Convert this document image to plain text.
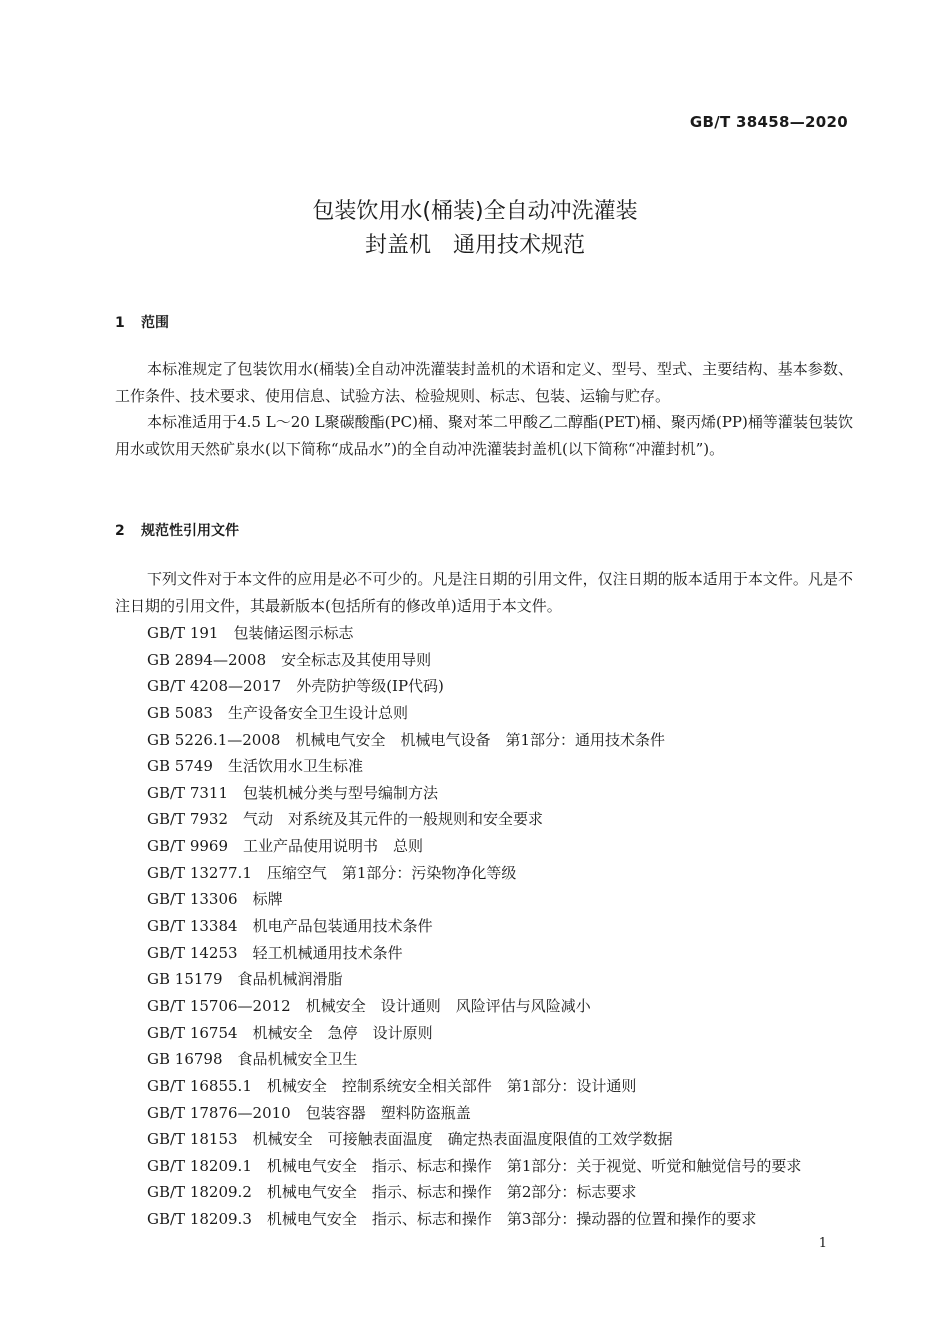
GB/T 38458—2020
包装饮用水(桶装)全自动冲洗灌装
封盖机　通用技术规范
1 范围

本标准规定了包装饮用水(桶装)全自动冲洗灌装封盖机的术语和定义、型号、型式、主要结构、基本参数、工作条件、技术要求、使用信息、试验方法、检验规则、标志、包装、运输与贮存。

本标准适用于4.5 L～20 L聚碳酸酯(PC)桶、聚对苯二甲酸乙二醇酯(PET)桶、聚丙烯(PP)桶等灌装包装饮用水或饮用天然矿泉水(以下简称“成品水”)的全自动冲洗灌装封盖机(以下简称“冲灌封机”)。

2 规范性引用文件

下列文件对于本文件的应用是必不可少的。凡是注日期的引用文件，仅注日期的版本适用于本文件。凡是不注日期的引用文件，其最新版本(包括所有的修改单)适用于本文件。

GB/T 191 包装储运图示标志
GB 2894—2008 安全标志及其使用导则
GB/T 4208—2017 外壳防护等级(IP代码)
GB 5083 生产设备安全卫生设计总则
GB 5226.1—2008 机械电气安全　机械电气设备　第1部分：通用技术条件
GB 5749 生活饮用水卫生标准
GB/T 7311 包装机械分类与型号编制方法
GB/T 7932 气动　对系统及其元件的一般规则和安全要求
GB/T 9969 工业产品使用说明书　总则
GB/T 13277.1 压缩空气　第1部分：污染物净化等级
GB/T 13306 标牌
GB/T 13384 机电产品包装通用技术条件
GB/T 14253 轻工机械通用技术条件
GB 15179 食品机械润滑脂
GB/T 15706—2012 机械安全　设计通则　风险评估与风险减小
GB/T 16754 机械安全　急停　设计原则
GB 16798 食品机械安全卫生
GB/T 16855.1 机械安全　控制系统安全相关部件　第1部分：设计通则
GB/T 17876—2010 包装容器　塑料防盗瓶盖
GB/T 18153 机械安全　可接触表面温度　确定热表面温度限值的工效学数据
GB/T 18209.1 机械电气安全　指示、标志和操作　第1部分：关于视觉、听觉和触觉信号的要求
GB/T 18209.2 机械电气安全　指示、标志和操作　第2部分：标志要求
GB/T 18209.3 机械电气安全　指示、标志和操作　第3部分：操动器的位置和操作的要求
1
